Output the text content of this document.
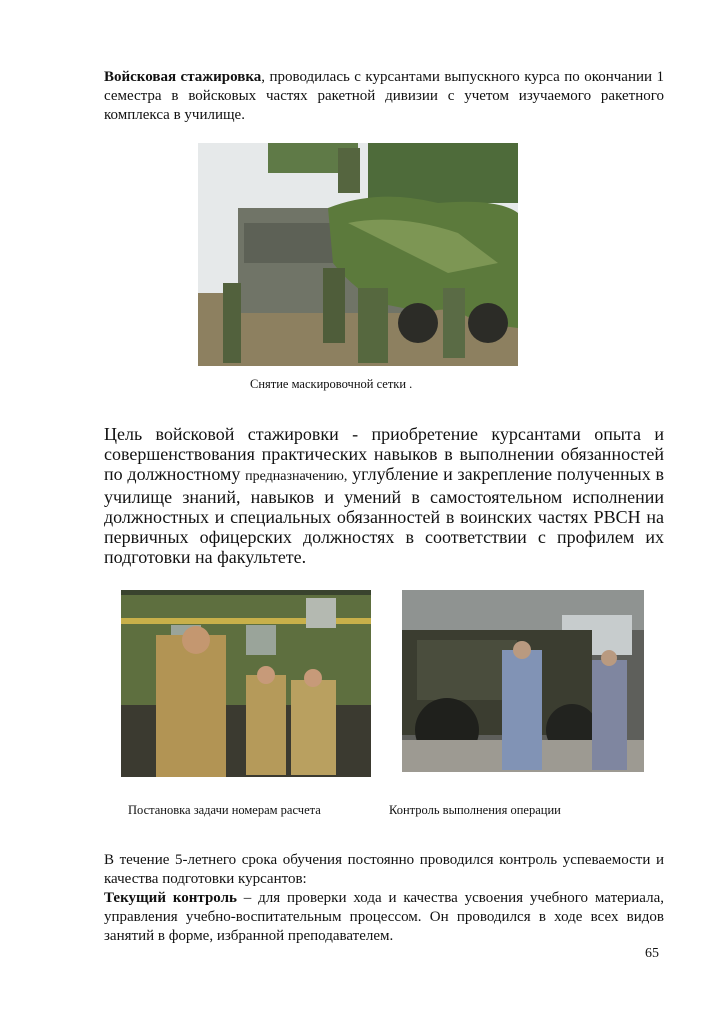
Войсковая стажировка, проводилась с курсантами выпускного курса по окончании 1 семестра в войсковых частях ракетной дивизии с учетом изучаемого ракетного комплекса в училище.
Снятие маскировочной сетки .
Цель войсковой стажировки - приобретение курсантами опыта и совершенствования практических навыков в выполнении обязанностей по должностному предназначению, углубление и закрепление полученных в училище знаний, навыков и умений в самостоятельном исполнении должностных и специальных обязанностей в воинских частях РВСН на первичных офицерских должностях в соответствии с профилем их подготовки на факультете.
Постановка задачи номерам расчета	Контроль выполнения операции
В течение 5-летнего срока обучения постоянно проводился контроль успеваемости и качества подготовки курсантов:
Текущий контроль – для проверки хода и качества усвоения учебного материала, управления учебно-воспитательным процессом. Он проводился в ходе всех видов занятий в форме, избранной преподавателем.
65
